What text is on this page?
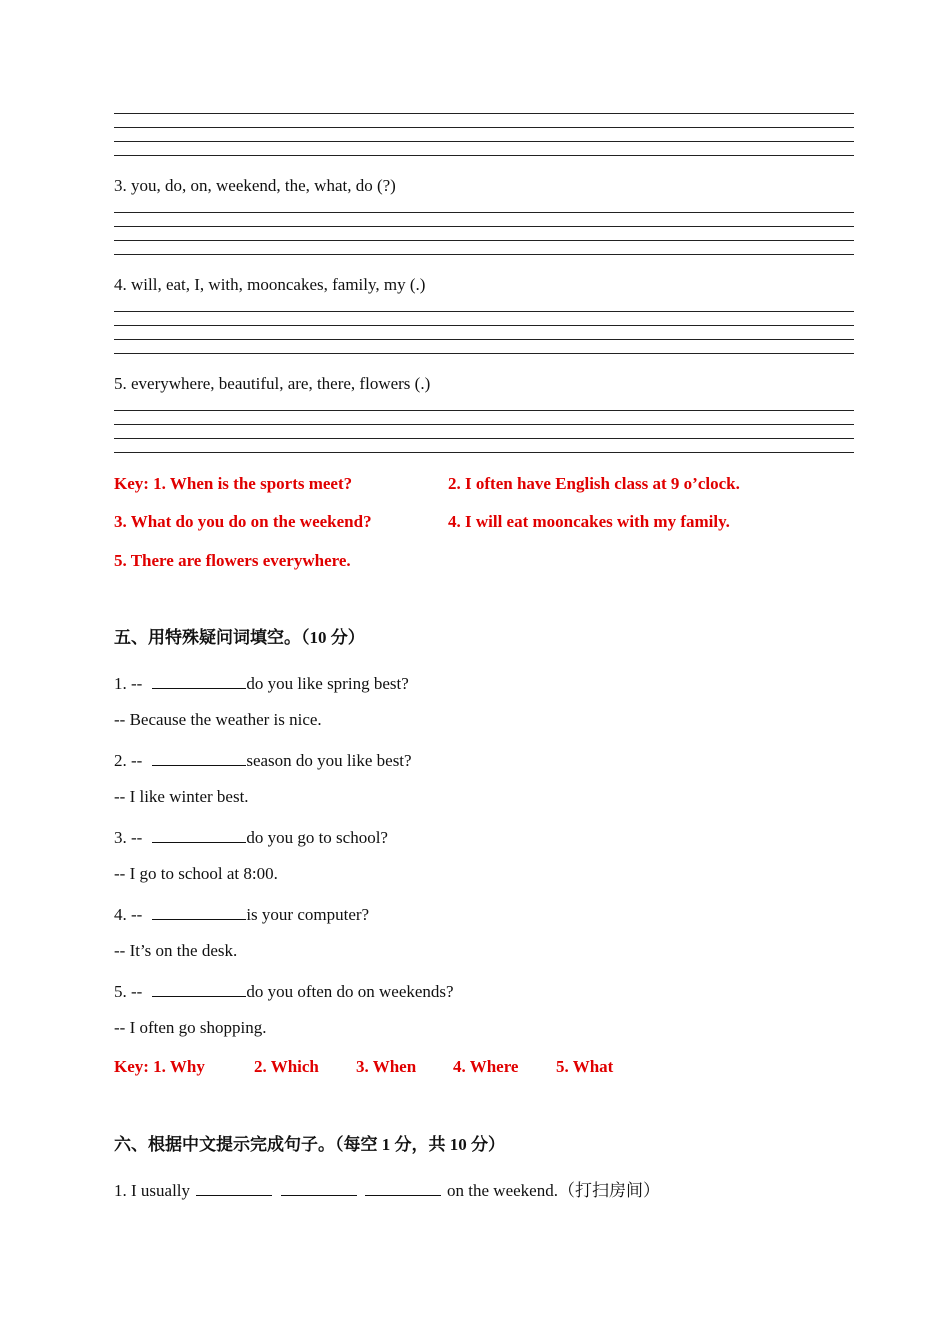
3. you, do, on, weekend, the, what, do (?)
4. will, eat, I, with, mooncakes, family, my (.)
5. everywhere, beautiful, are, there, flowers (.)
Key: 1. When is the sports meet?	2. I often have English class at 9 o’clock.
3. What do you do on the weekend?	4. I will eat mooncakes with my family.
5. There are flowers everywhere.
五、用特殊疑问词填空。（10 分）
1. --	do you like spring best?
-- Because the weather is nice.
2. --	season do you like best?
-- I like winter best.
3. --	do you go to school?
-- I go to school at 8:00.
4. --	is your computer?
-- It’s on the desk.
5. --	do you often do on weekends?
-- I often go shopping.
Key: 1. Why	2. Which 3. When 4. Where 5. What
六、根据中文提示完成句子。（每空 1 分，共 10 分）
1. I usually	on the weekend.（打扫房间）
